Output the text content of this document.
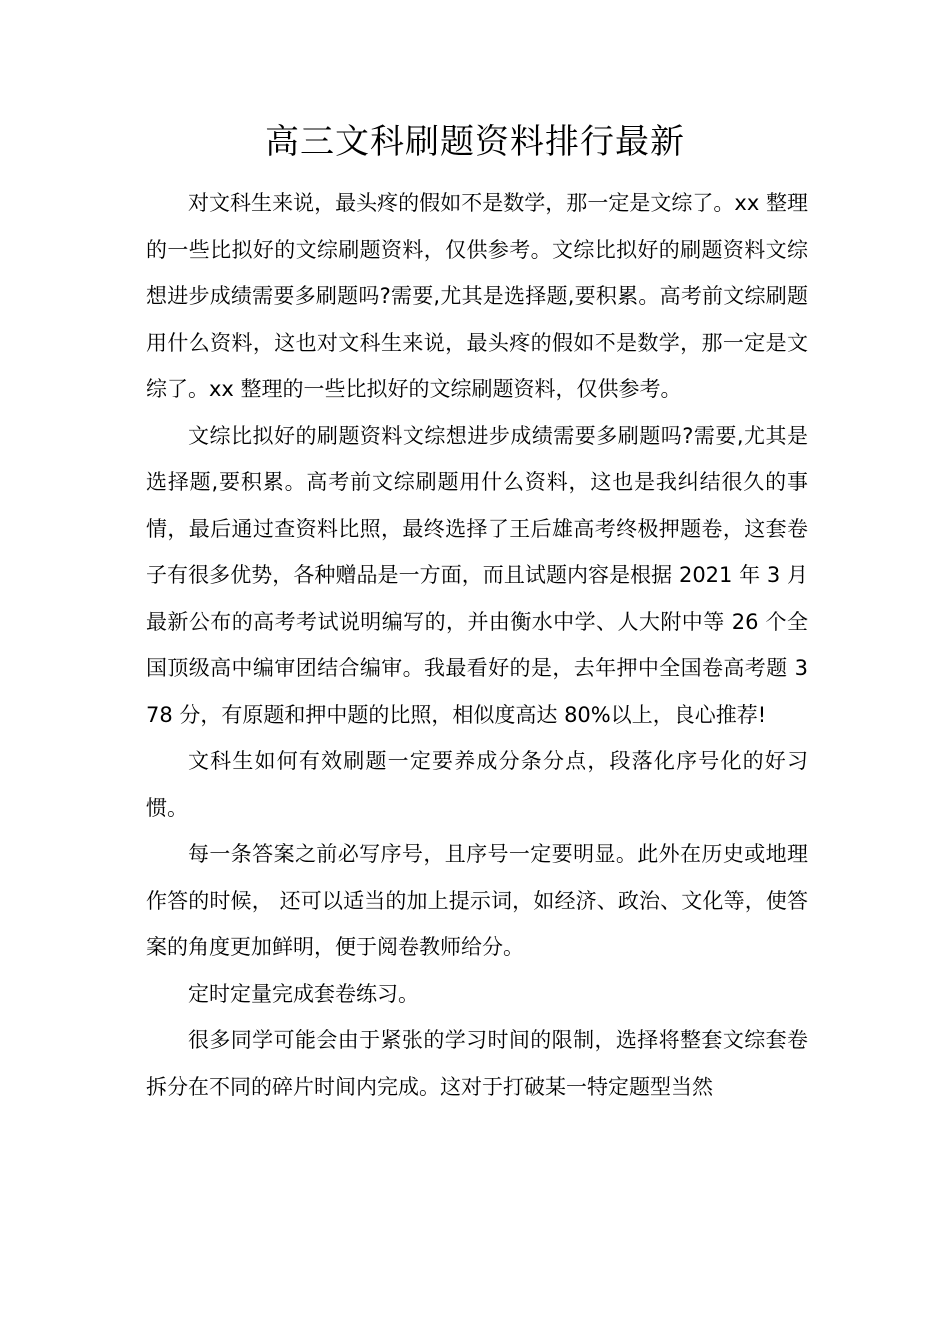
高三文科刷题资料排行最新

对文科生来说，最头疼的假如不是数学，那一定是文综了。xx 整理的一些比拟好的文综刷题资料，仅供参考。文综比拟好的刷题资料文综想进步成绩需要多刷题吗?需要,尤其是选择题,要积累。高考前文综刷题用什么资料，这也对文科生来说，最头疼的假如不是数学，那一定是文综了。xx 整理的一些比拟好的文综刷题资料，仅供参考。

文综比拟好的刷题资料文综想进步成绩需要多刷题吗?需要,尤其是选择题,要积累。高考前文综刷题用什么资料，这也是我纠结很久的事情，最后通过查资料比照，最终选择了王后雄高考终极押题卷，这套卷子有很多优势，各种赠品是一方面，而且试题内容是根据 2021 年 3 月最新公布的高考考试说明编写的，并由衡水中学、人大附中等 26 个全国顶级高中编审团结合编审。我最看好的是，去年押中全国卷高考题 378 分，有原题和押中题的比照，相似度高达 80%以上，良心推荐!

文科生如何有效刷题一定要养成分条分点，段落化序号化的好习惯。

每一条答案之前必写序号，且序号一定要明显。此外在历史或地理作答的时候， 还可以适当的加上提示词，如经济、政治、文化等，使答案的角度更加鲜明，便于阅卷教师给分。

定时定量完成套卷练习。

很多同学可能会由于紧张的学习时间的限制，选择将整套文综套卷拆分在不同的碎片时间内完成。这对于打破某一特定题型当然
